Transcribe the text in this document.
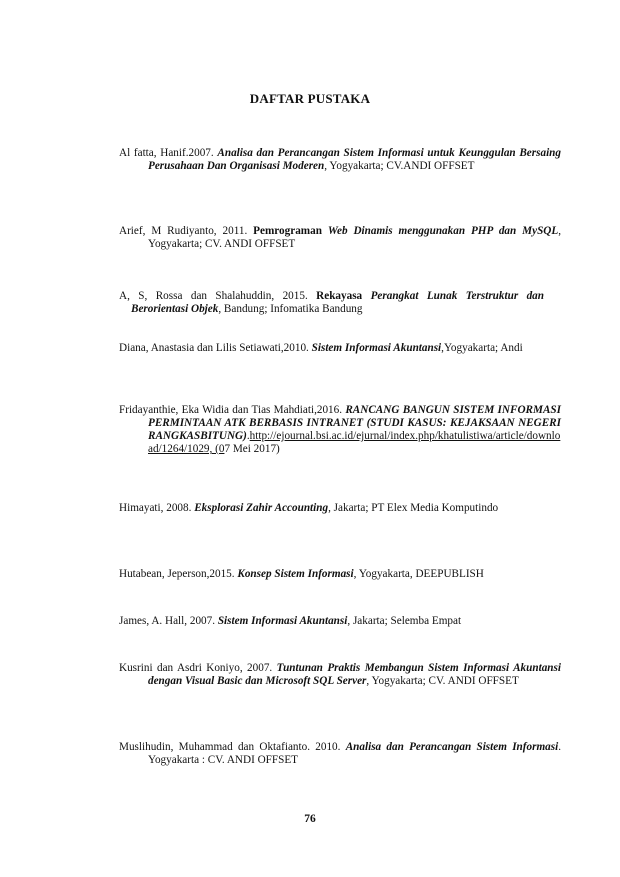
DAFTAR PUSTAKA
Al fatta, Hanif.2007. Analisa dan Perancangan Sistem Informasi untuk Keunggulan Bersaing Perusahaan Dan Organisasi Moderen, Yogyakarta; CV.ANDI OFFSET
Arief, M Rudiyanto, 2011. Pemrograman Web Dinamis menggunakan PHP dan MySQL, Yogyakarta; CV. ANDI OFFSET
A, S, Rossa dan Shalahuddin, 2015. Rekayasa Perangkat Lunak Terstruktur dan Berorientasi Objek, Bandung; Infomatika Bandung
Diana, Anastasia dan Lilis Setiawati,2010. Sistem Informasi Akuntansi,Yogyakarta; Andi
Fridayanthie, Eka Widia dan Tias Mahdiati,2016. RANCANG BANGUN SISTEM INFORMASI PERMINTAAN ATK BERBASIS INTRANET (STUDI KASUS: KEJAKSAAN NEGERI RANGKASBITUNG).http://ejournal.bsi.ac.id/ejurnal/index.php/khatulistiwa/article/download/1264/1029, (07 Mei 2017)
Himayati, 2008. Eksplorasi Zahir Accounting, Jakarta; PT Elex Media Komputindo
Hutabean, Jeperson,2015. Konsep Sistem Informasi, Yogyakarta, DEEPUBLISH
James, A. Hall, 2007. Sistem Informasi Akuntansi, Jakarta; Selemba Empat
Kusrini dan Asdri Koniyo, 2007. Tuntunan Praktis Membangun Sistem Informasi Akuntansi dengan Visual Basic dan Microsoft SQL Server, Yogyakarta; CV. ANDI OFFSET
Muslihudin, Muhammad dan Oktafianto. 2010. Analisa dan Perancangan Sistem Informasi. Yogyakarta : CV. ANDI OFFSET
76
